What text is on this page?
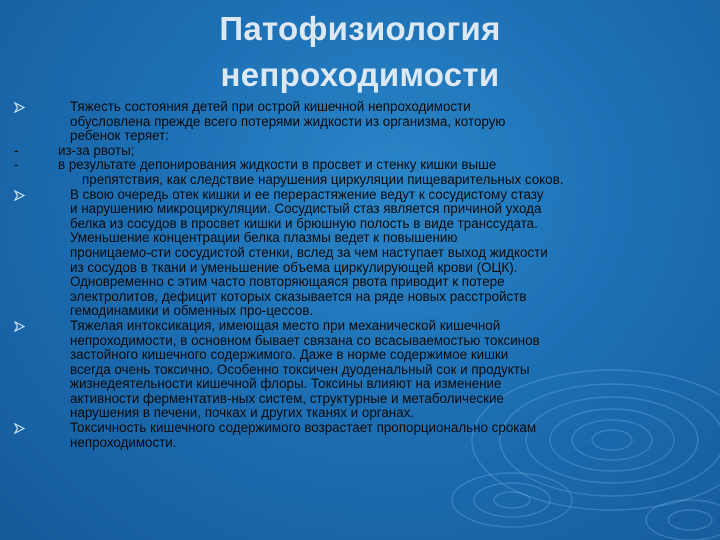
Патофизиология
непроходимости
Тяжесть состояния детей при острой кишечной непроходимости
обусловлена прежде всего потерями жидкости из организма, которую
ребенок теряет:
-	из-за рвоты;
-	в результате депонирования жидкости в просвет и стенку кишки выше
препятствия, как следствие нарушения циркуляции пищеварительных соков.
В свою очередь отек кишки и ее перерастяжение ведут к сосудистому стазу
и нарушению микроциркуляции. Сосудистый стаз является причиной ухода
белка из сосудов в просвет кишки и брюшную полость в виде транссудата.
Уменьшение концентрации белка плазмы ведет к повышению
проницаемо-сти сосудистой стенки, вслед за чем наступает выход жидкости
из сосудов в ткани и уменьшение объема циркулирующей крови (ОЦК).
Одновременно с этим часто повторяющаяся рвота приводит к потере
электролитов, дефицит которых сказывается на ряде новых расстройств
гемодинамики и обменных про-цессов.
Тяжелая интоксикация, имеющая место при механической кишечной
непроходимости, в основном бывает связана со всасываемостью токсинов
застойного кишечного содержимого. Даже в норме содержимое кишки
всегда очень токсично. Особенно токсичен дуоденальный сок и продукты
жизнедеятельности кишечной флоры. Токсины влияют на изменение
активности ферментатив-ных систем, структурные и метаболические
нарушения в печени, почках и других тканях и органах.
Токсичность кишечного содержимого возрастает пропорционально срокам
непроходимости.
